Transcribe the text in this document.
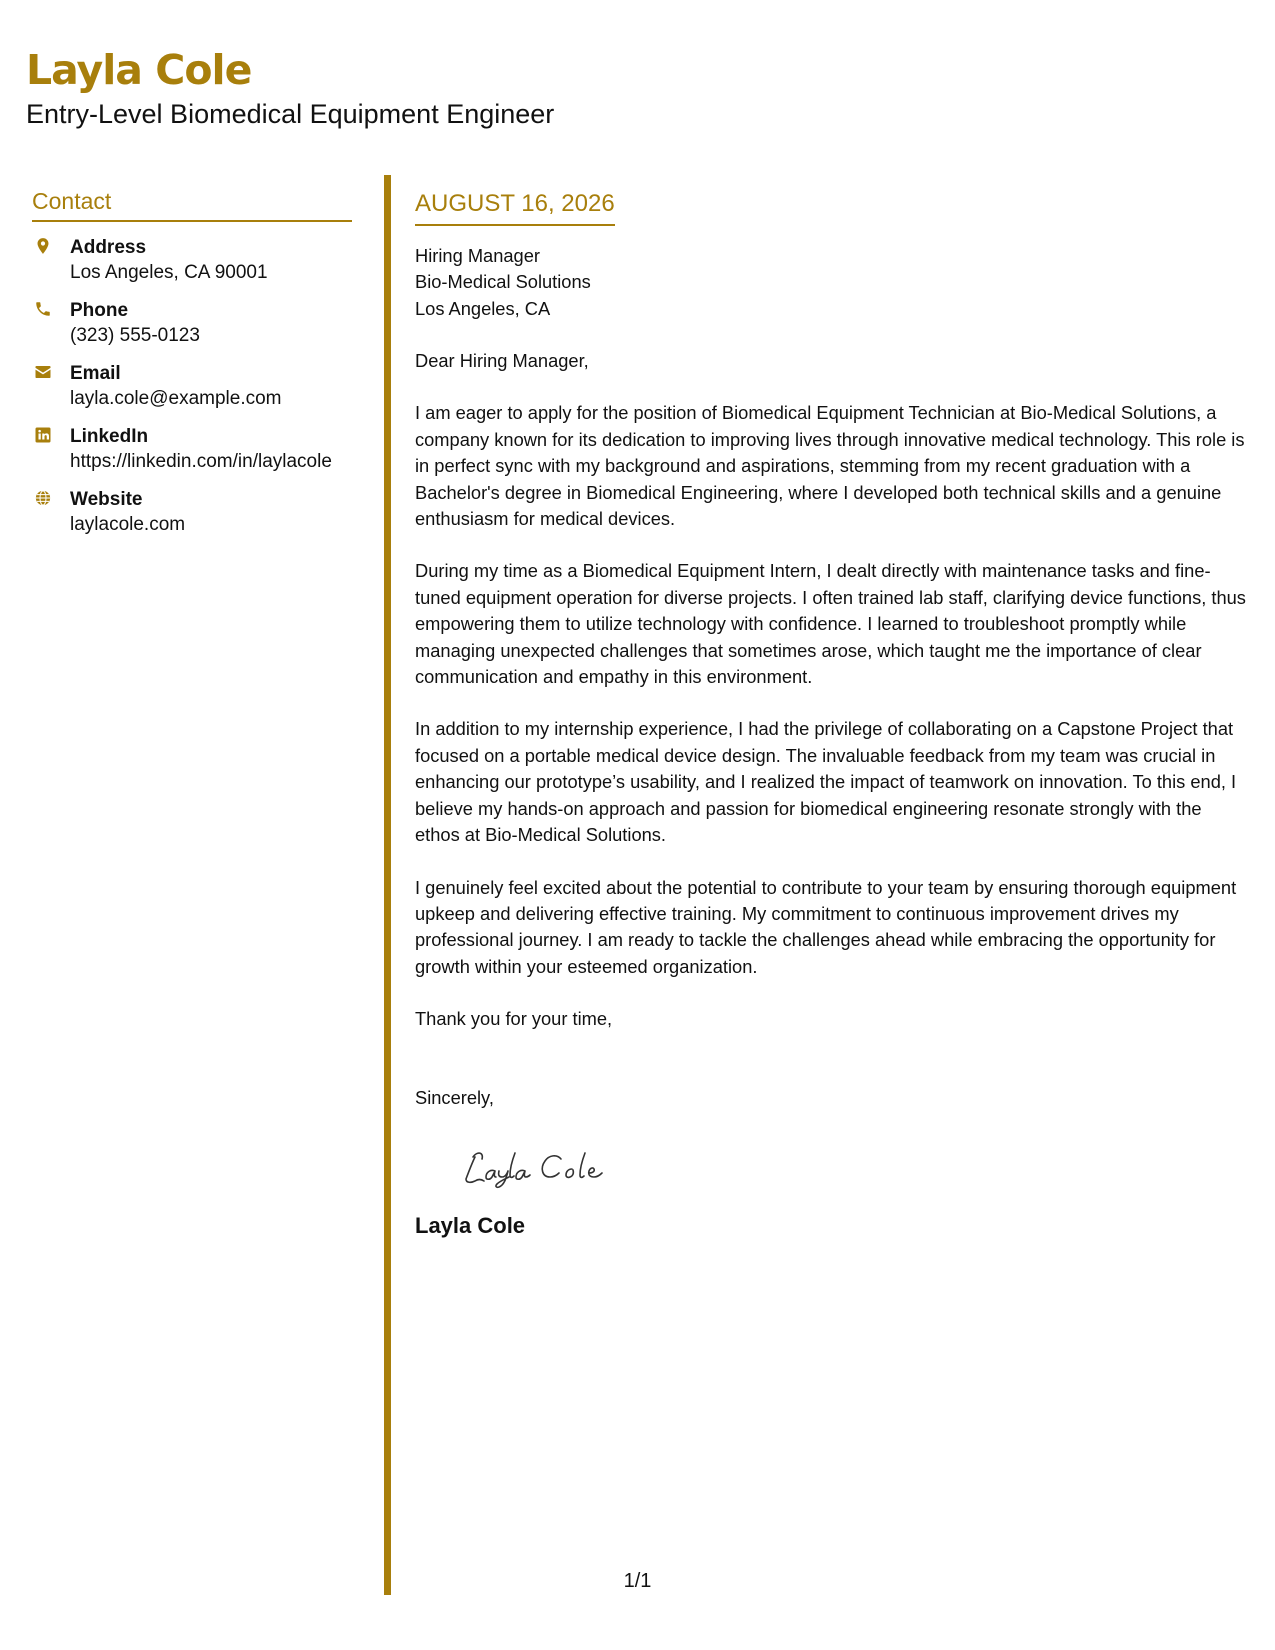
Layla Cole
Entry-Level Biomedical Equipment Engineer
Contact
Address
Los Angeles, CA 90001
Phone
(323) 555-0123
Email
layla.cole@example.com
LinkedIn
https://linkedin.com/in/laylacole
Website
laylacole.com
AUGUST 16, 2026
Hiring Manager
Bio-Medical Solutions
Los Angeles, CA
Dear Hiring Manager,

I am eager to apply for the position of Biomedical Equipment Technician at Bio-Medical Solutions, a company known for its dedication to improving lives through innovative medical technology. This role is in perfect sync with my background and aspirations, stemming from my recent graduation with a Bachelor's degree in Biomedical Engineering, where I developed both technical skills and a genuine enthusiasm for medical devices.

During my time as a Biomedical Equipment Intern, I dealt directly with maintenance tasks and fine-tuned equipment operation for diverse projects. I often trained lab staff, clarifying device functions, thus empowering them to utilize technology with confidence. I learned to troubleshoot promptly while managing unexpected challenges that sometimes arose, which taught me the importance of clear communication and empathy in this environment.

In addition to my internship experience, I had the privilege of collaborating on a Capstone Project that focused on a portable medical device design. The invaluable feedback from my team was crucial in enhancing our prototype’s usability, and I realized the impact of teamwork on innovation. To this end, I believe my hands-on approach and passion for biomedical engineering resonate strongly with the ethos at Bio-Medical Solutions.

I genuinely feel excited about the potential to contribute to your team by ensuring thorough equipment upkeep and delivering effective training. My commitment to continuous improvement drives my professional journey. I am ready to tackle the challenges ahead while embracing the opportunity for growth within your esteemed organization.

Thank you for your time,
Sincerely,
Layla Cole
1/1
